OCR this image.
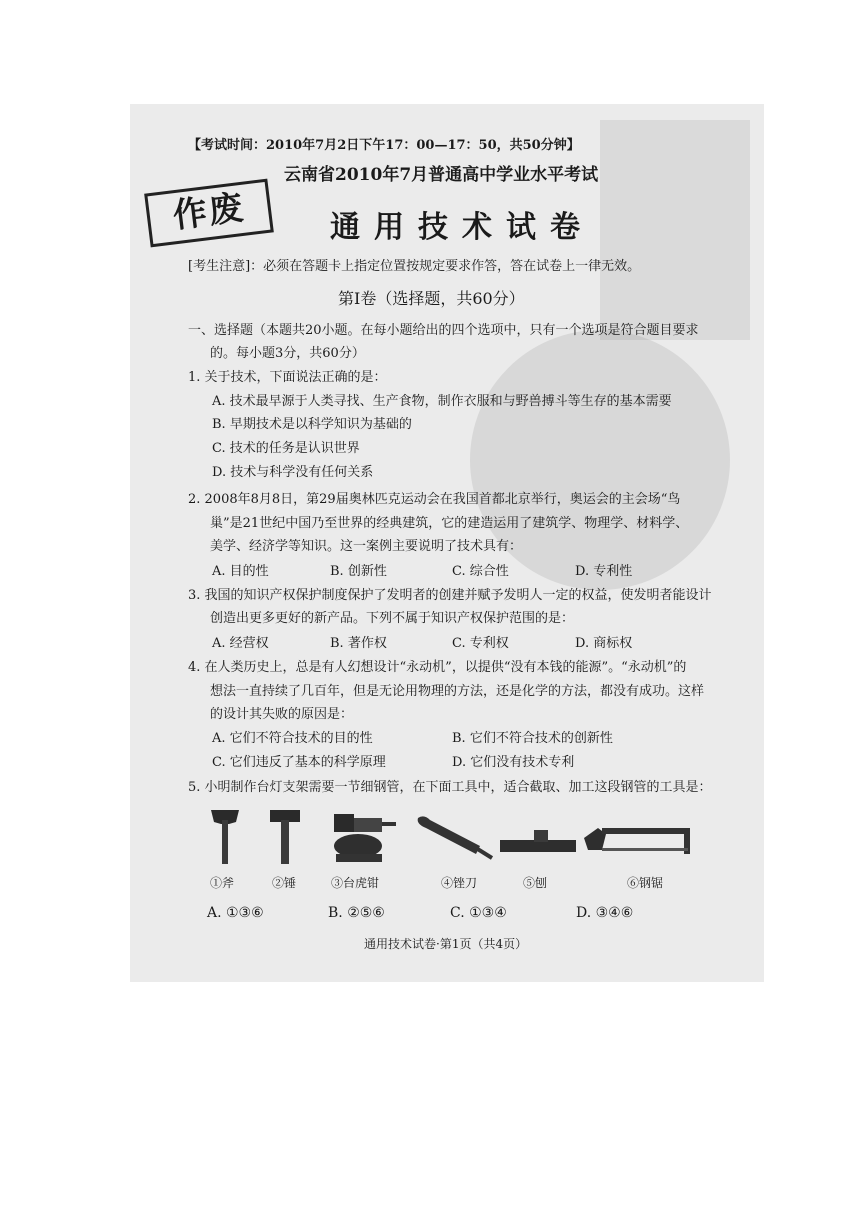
【考试时间：2010年7月2日下午17：00—17：50，共50分钟】
云南省2010年7月普通高中学业水平考试
作废	通用技术试卷
[考生注意]：必须在答题卡上指定位置按规定要求作答，答在试卷上一律无效。
第Ⅰ卷（选择题，共60分）
一、选择题（本题共20小题。在每小题给出的四个选项中，只有一个选项是符合题目要求
的。每小题3分，共60分）
1. 关于技术，下面说法正确的是：
A. 技术最早源于人类寻找、生产食物，制作衣服和与野兽搏斗等生存的基本需要
B. 早期技术是以科学知识为基础的
C. 技术的任务是认识世界
D. 技术与科学没有任何关系
2. 2008年8月8日，第29届奥林匹克运动会在我国首都北京举行，奥运会的主会场“鸟
巢”是21世纪中国乃至世界的经典建筑，它的建造运用了建筑学、物理学、材料学、
美学、经济学等知识。这一案例主要说明了技术具有：
A. 目的性	B. 创新性	C. 综合性	D. 专利性
3. 我国的知识产权保护制度保护了发明者的创建并赋予发明人一定的权益，使发明者能设计
创造出更多更好的新产品。下列不属于知识产权保护范围的是：
A. 经营权	B. 著作权	C. 专利权	D. 商标权
4. 在人类历史上，总是有人幻想设计“永动机”，以提供“没有本钱的能源”。“永动机”的
想法一直持续了几百年，但是无论用物理的方法，还是化学的方法，都没有成功。这样
的设计其失败的原因是：
A. 它们不符合技术的目的性	B. 它们不符合技术的创新性
C. 它们违反了基本的科学原理	D. 它们没有技术专利
5. 小明制作台灯支架需要一节细钢管，在下面工具中，适合截取、加工这段钢管的工具是：
①斧	②锤	③台虎钳	④锉刀	⑤刨	⑥钢锯
A. ①③⑥	B. ②⑤⑥	C. ①③④	D. ③④⑥
通用技术试卷·第1页（共4页）
